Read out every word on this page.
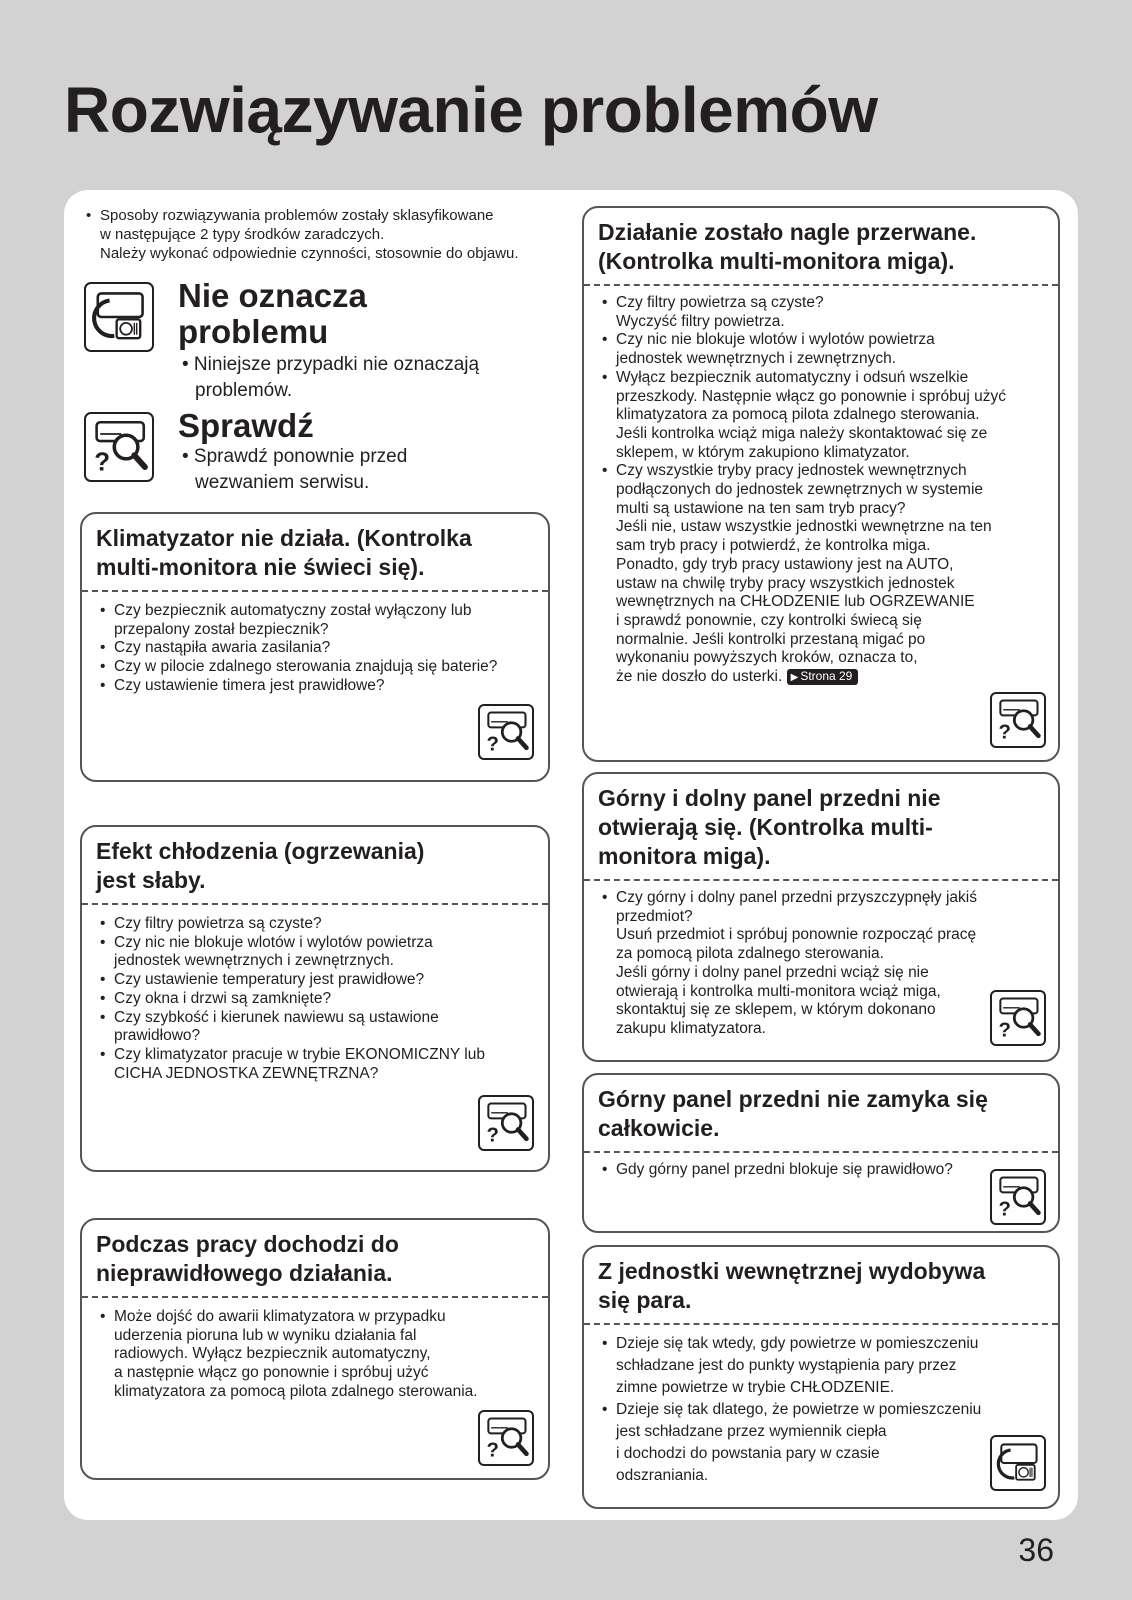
Rozwiązywanie problemów
• Sposoby rozwiązywania problemów zostały sklasyfikowane
w następujące 2 typy środków zaradczych.
Należy wykonać odpowiednie czynności, stosownie do objawu.
Nie oznacza
problemu
• Niniejsze przypadki nie oznaczają
problemów.
Sprawdź
• Sprawdź ponownie przed
wezwaniem serwisu.
Klimatyzator nie działa. (Kontrolka
multi-monitora nie świeci się).
• Czy bezpiecznik automatyczny został wyłączony lub
przepalony został bezpiecznik?
• Czy nastąpiła awaria zasilania?
• Czy w pilocie zdalnego sterowania znajdują się baterie?
• Czy ustawienie timera jest prawidłowe?
Efekt chłodzenia (ogrzewania)
jest słaby.
• Czy filtry powietrza są czyste?
• Czy nic nie blokuje wlotów i wylotów powietrza
jednostek wewnętrznych i zewnętrznych.
• Czy ustawienie temperatury jest prawidłowe?
• Czy okna i drzwi są zamknięte?
• Czy szybkość i kierunek nawiewu są ustawione
prawidłowo?
• Czy klimatyzator pracuje w trybie EKONOMICZNY lub
CICHA JEDNOSTKA ZEWNĘTRZNA?
Podczas pracy dochodzi do
nieprawidłowego działania.
• Może dojść do awarii klimatyzatora w przypadku
uderzenia pioruna lub w wyniku działania fal
radiowych. Wyłącz bezpiecznik automatyczny,
a następnie włącz go ponownie i spróbuj użyć
klimatyzatora za pomocą pilota zdalnego sterowania.
Działanie zostało nagle przerwane.
(Kontrolka multi-monitora miga).
• Czy filtry powietrza są czyste?
Wyczyść filtry powietrza.
• Czy nic nie blokuje wlotów i wylotów powietrza
jednostek wewnętrznych i zewnętrznych.
• Wyłącz bezpiecznik automatyczny i odsuń wszelkie
przeszkody. Następnie włącz go ponownie i spróbuj użyć
klimatyzatora za pomocą pilota zdalnego sterowania.
Jeśli kontrolka wciąż miga należy skontaktować się ze
sklepem, w którym zakupiono klimatyzator.
• Czy wszystkie tryby pracy jednostek wewnętrznych
podłączonych do jednostek zewnętrznych w systemie
multi są ustawione na ten sam tryb pracy?
Jeśli nie, ustaw wszystkie jednostki wewnętrzne na ten
sam tryb pracy i potwierdź, że kontrolka miga.
Ponadto, gdy tryb pracy ustawiony jest na AUTO,
ustaw na chwilę tryby pracy wszystkich jednostek
wewnętrznych na CHŁODZENIE lub OGRZEWANIE
i sprawdź ponownie, czy kontrolki świecą się
normalnie. Jeśli kontrolki przestaną migać po
wykonaniu powyższych kroków, oznacza to,
że nie doszło do usterki. ▶ Strona 29
Górny i dolny panel przedni nie
otwierają się. (Kontrolka multi-
monitora miga).
• Czy górny i dolny panel przedni przyszczypnęły jakiś
przedmiot?
Usuń przedmiot i spróbuj ponownie rozpocząć pracę
za pomocą pilota zdalnego sterowania.
Jeśli górny i dolny panel przedni wciąż się nie
otwierają i kontrolka multi-monitora wciąż miga,
skontaktuj się ze sklepem, w którym dokonano
zakupu klimatyzatora.
Górny panel przedni nie zamyka się
całkowicie.
• Gdy górny panel przedni blokuje się prawidłowo?
Z jednostki wewnętrznej wydobywa
się para.
• Dzieje się tak wtedy, gdy powietrze w pomieszczeniu
schładzane jest do punkty wystąpienia pary przez
zimne powietrze w trybie CHŁODZENIE.
• Dzieje się tak dlatego, że powietrze w pomieszczeniu
jest schładzane przez wymiennik ciepła
i dochodzi do powstania pary w czasie
odszraniania.
36
